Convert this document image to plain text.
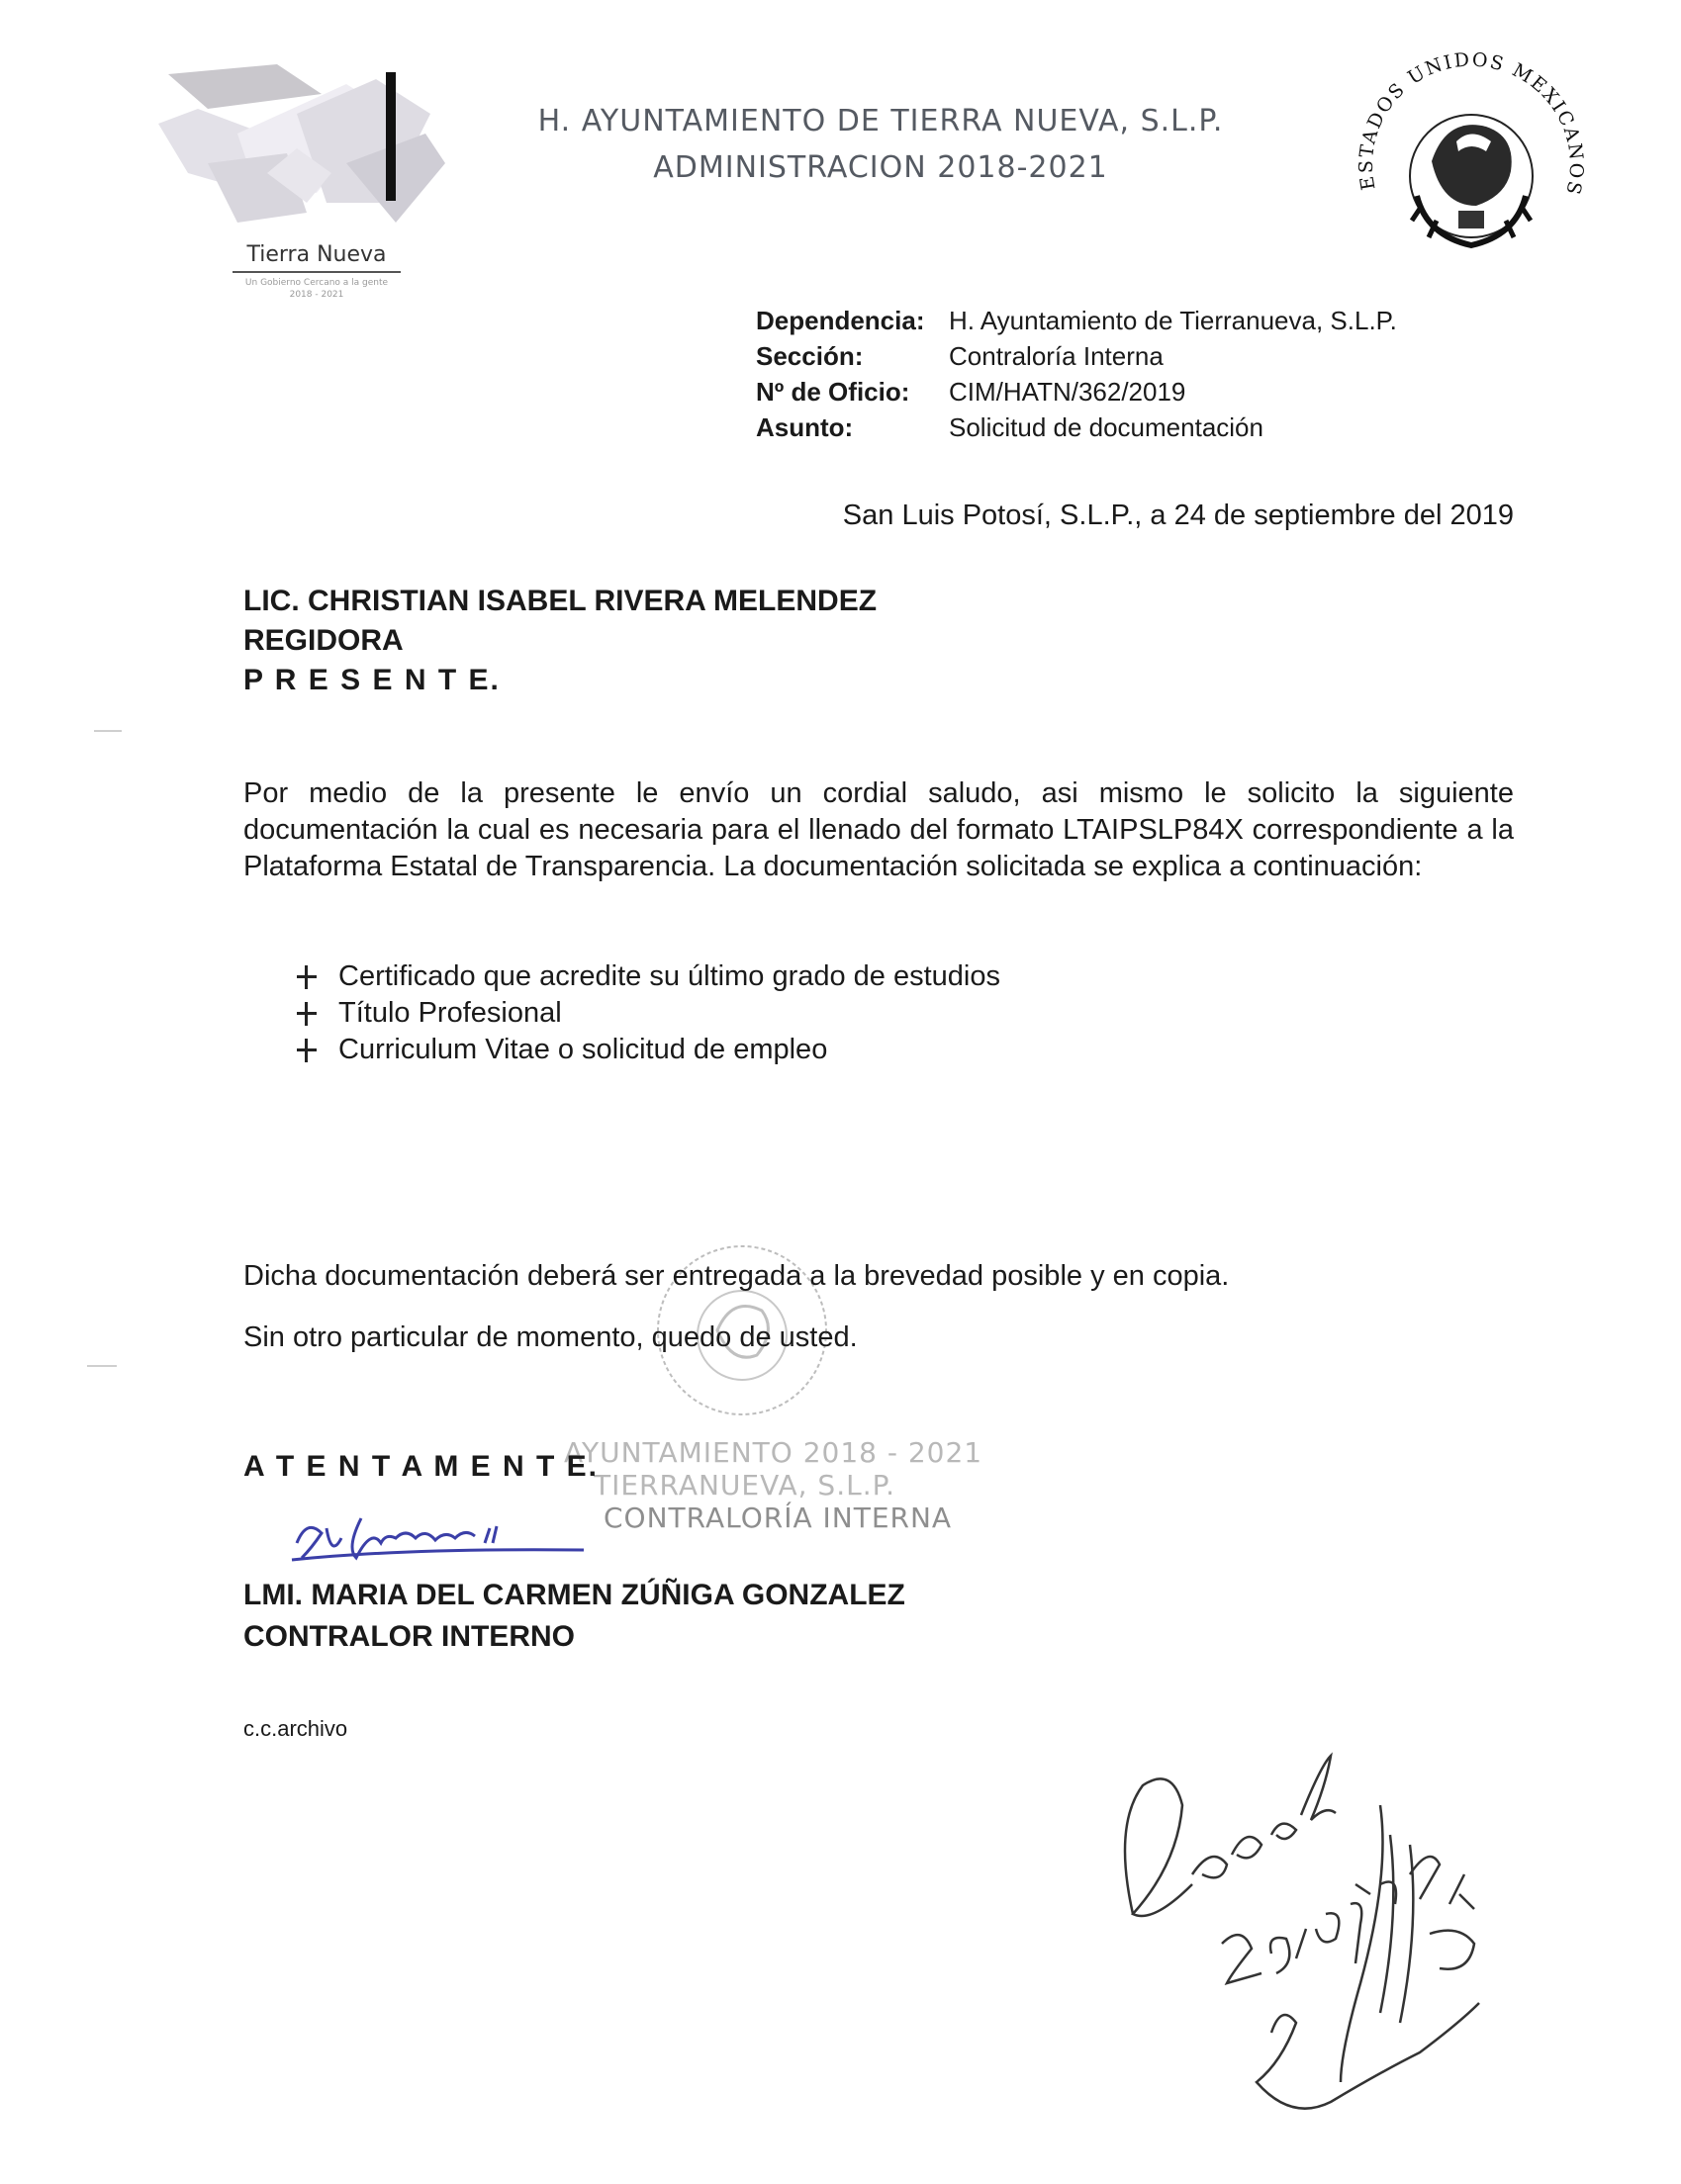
Tierra Nueva
Un Gobierno Cercano a la gente
2018 - 2021
H. AYUNTAMIENTO DE TIERRA NUEVA, S.L.P.
ADMINISTRACION 2018-2021	ESTADOS UNIDOS MEXICANOS
Dependencia: H. Ayuntamiento de Tierranueva, S.L.P.
Sección:	Contraloría Interna
Nº de Oficio:	CIM/HATN/362/2019
Asunto:	Solicitud de documentación
San Luis Potosí, S.L.P., a 24 de septiembre del 2019
LIC. CHRISTIAN ISABEL RIVERA MELENDEZ
REGIDORA
P R E S E N T E.
Por medio de la presente le envío un cordial saludo, asi mismo le solicito la siguiente documentación la cual es necesaria para el llenado del formato LTAIPSLP84X correspondiente a la Plataforma Estatal de Transparencia. La documentación solicitada se explica a continuación:
Certificado que acredite su último grado de estudios
Título Profesional
Curriculum Vitae o solicitud de empleo
Dicha documentación deberá ser entregada a la brevedad posible y en copia.
Sin otro particular de momento, quedo de usted.
AYUNTAMIENTO 2018 - 2021
TIERRANUEVA, S.L.P.
CONTRALORÍA INTERNA
A T E N T A M E N T E.
LMI. MARIA DEL CARMEN ZÚÑIGA GONZALEZ
CONTRALOR INTERNO
c.c.archivo
